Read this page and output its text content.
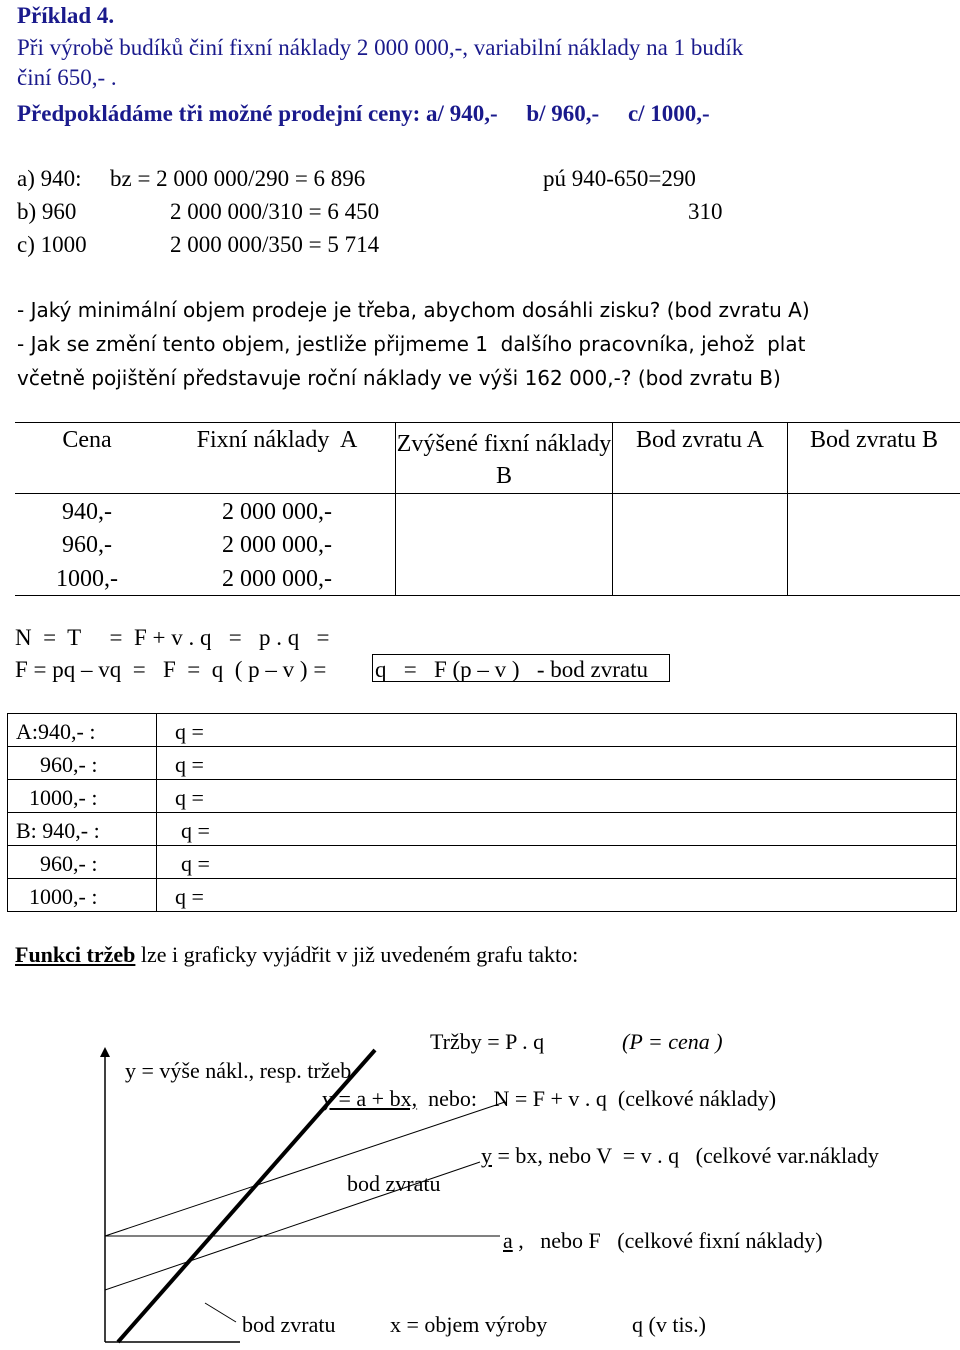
Příklad 4.
Při výrobě budíků činí fixní náklady 2 000 000,-, variabilní náklady na 1 budík
činí 650,- .
Předpokládáme tři možné prodejní ceny: a/ 940,-     b/ 960,-     c/ 1000,-
a) 940: bz = 2 000 000/290 = 6 896	pú 940-650=290
b) 960	2 000 000/310 = 6 450	310
c) 1000	2 000 000/350 = 5 714
- Jaký minimální objem prodeje je třeba, abychom dosáhli zisku? (bod zvratu A)
- Jak se změní tento objem, jestliže přijmeme 1  dalšího pracovníka, jehož  plat
včetně pojištění představuje roční náklady ve výši 162 000,-? (bod zvratu B)
Cena	Fixní náklady  A	Zvýšené fixní náklady B	Bod zvratu A	Bod zvratu B
940,-	2 000 000,-			
960,-	2 000 000,-			
1000,-	2 000 000,-			
N  =  T     =  F + v . q   =   p . q   =
F = pq – vq  =   F  =  q  ( p – v ) = q   =   F (p – v )   - bod zvratu
A:940,- :	q =
960,- :	q =
1000,- :	q =
B: 940,- :	q =
960,- :	q =
1000,- :	q =
Funkci tržeb lze i graficky vyjádřit v již uvedeném grafu takto:
Tržby = P . q	(P = cena )
y = výše nákl., resp. tržeb
y = a + bx,  nebo:   N = F + v . q  (celkové náklady)
y = bx, nebo V  = v . q   (celkové var.náklady
bod zvratu
a ,   nebo F   (celkové fixní náklady)
bod zvratu x = objem výroby	q (v tis.)
